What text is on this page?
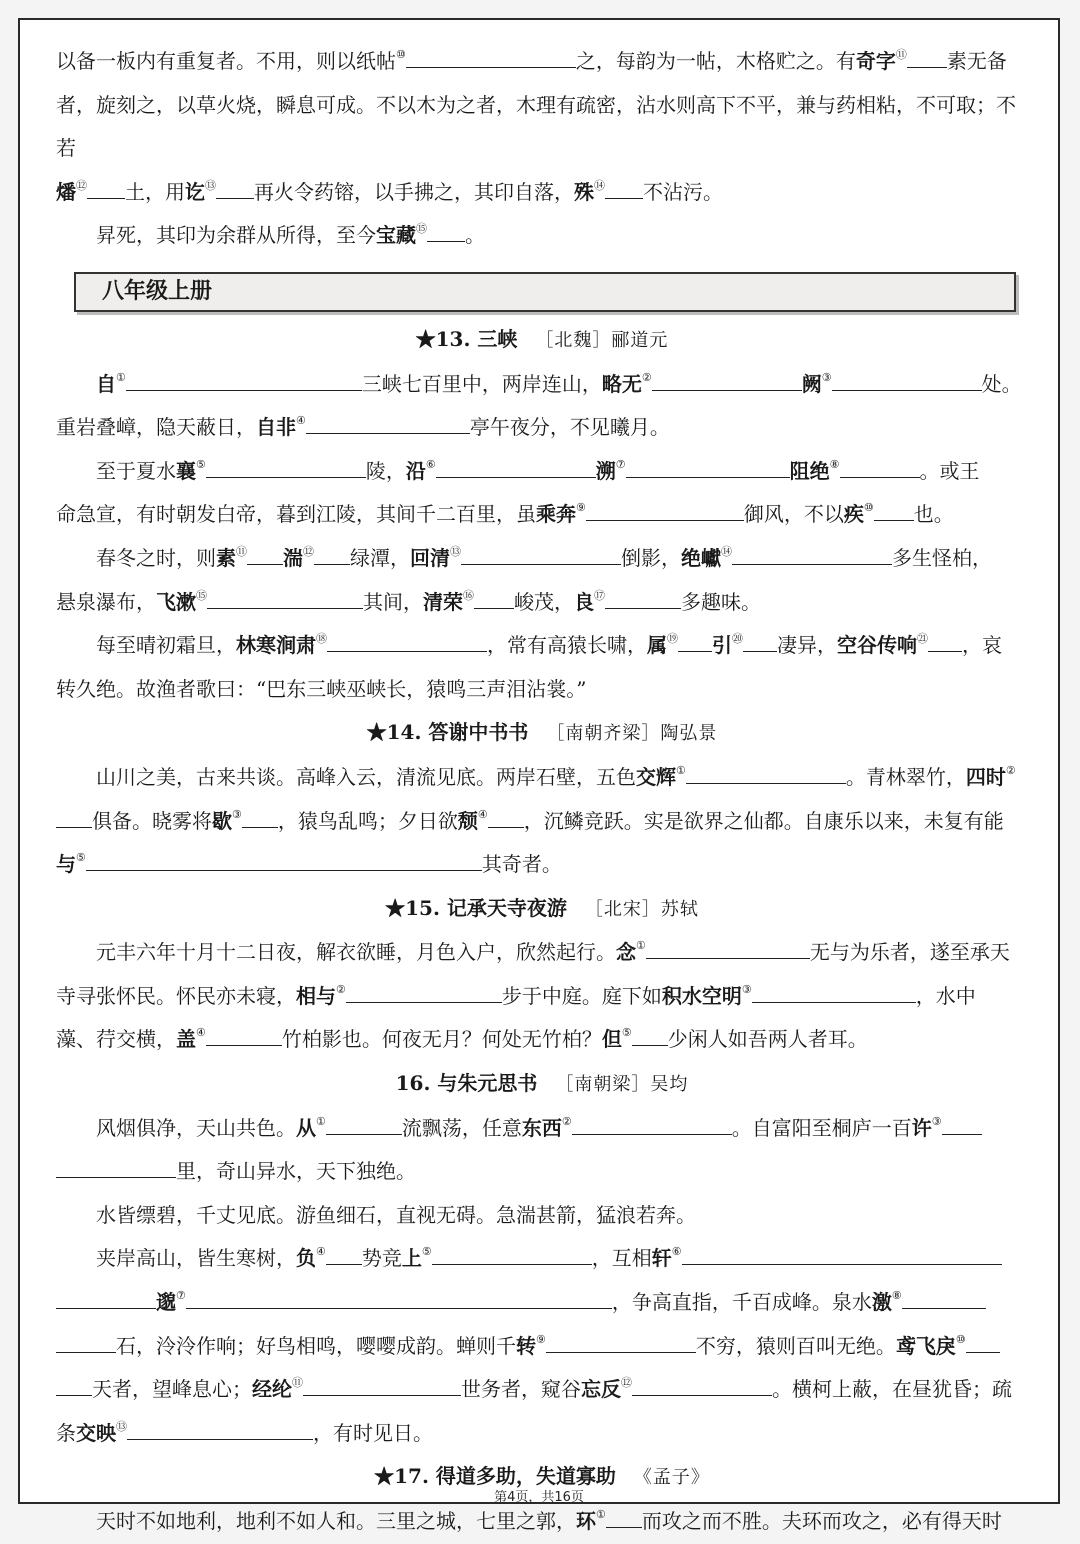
以备一板内有重复者。不用，则以纸帖⑩	之，每韵为一帖，木格贮之。有奇字⑪ 素无备

者，旋刻之，以草火烧，瞬息可成。不以木为之者，木理有疏密，沾水则高下不平，兼与药相粘，不可取；不若

燔⑫ 土，用讫⑬ 再火令药镕，以手拂之，其印自落，殊⑭ 不沾污。

昇死，其印为余群从所得，至今宝藏⑮ 。

八年级上册

★13. 三峡 ［北魏］郦道元

自①	三峡七百里中，两岸连山，略无②	阙③	处。

重岩叠嶂，隐天蔽日，自非④	亭午夜分，不见曦月。

至于夏水襄⑤	陵，沿⑥	溯⑦	阻绝⑧	。或王

命急宣，有时朝发白帝，暮到江陵，其间千二百里，虽乘奔⑨	御风，不以疾⑩ 也。

春冬之时，则素⑪ 湍⑫ 绿潭，回清⑬	倒影，绝巘⑭	多生怪柏，

悬泉瀑布，飞漱⑮	其间，清荣⑯ 峻茂，良⑰	多趣味。

每至晴初霜旦，林寒涧肃⑱	，常有高猿长啸，属⑲ 引⑳ 凄异，空谷传响$^㉑$ ，哀

转久绝。故渔者歌曰：“巴东三峡巫峡长，猿鸣三声泪沾裳。”

★14. 答谢中书书 ［南朝齐梁］陶弘景

山川之美，古来共谈。高峰入云，清流见底。两岸石壁，五色交辉①	。青林翠竹，四时②

俱备。晓雾将歇③ ，猿鸟乱鸣；夕日欲颓④ ，沉鳞竞跃。实是欲界之仙都。自康乐以来，未复有能

与⑤	其奇者。

★15. 记承天寺夜游 ［北宋］苏轼

元丰六年十月十二日夜，解衣欲睡，月色入户，欣然起行。念①	无与为乐者，遂至承天

寺寻张怀民。怀民亦未寝，相与②	步于中庭。庭下如积水空明③	，水中

藻、荇交横，盖④	竹柏影也。何夜无月？何处无竹柏？但⑤ 少闲人如吾两人者耳。

16. 与朱元思书 ［南朝梁］吴均

风烟俱净，天山共色。从①	流飘荡，任意东西②	。自富阳至桐庐一百许③

里，奇山异水，天下独绝。

水皆缥碧，千丈见底。游鱼细石，直视无碍。急湍甚箭，猛浪若奔。

夹岸高山，皆生寒树，负④ 势竞上⑤	，互相轩⑥

邈⑦	，争高直指，千百成峰。泉水激⑧

石，泠泠作响；好鸟相鸣，嘤嘤成韵。蝉则千转⑨	不穷，猿则百叫无绝。鸢飞戾⑩

天者，望峰息心；经纶⑪	世务者，窥谷忘反⑫	。横柯上蔽，在昼犹昏；疏

条交映⑬	，有时见日。

★17. 得道多助，失道寡助 《孟子》

天时不如地利，地利不如人和。三里之城，七里之郭，环① 而攻之而不胜。夫环而攻之，必有得天时

第4页，共16页
